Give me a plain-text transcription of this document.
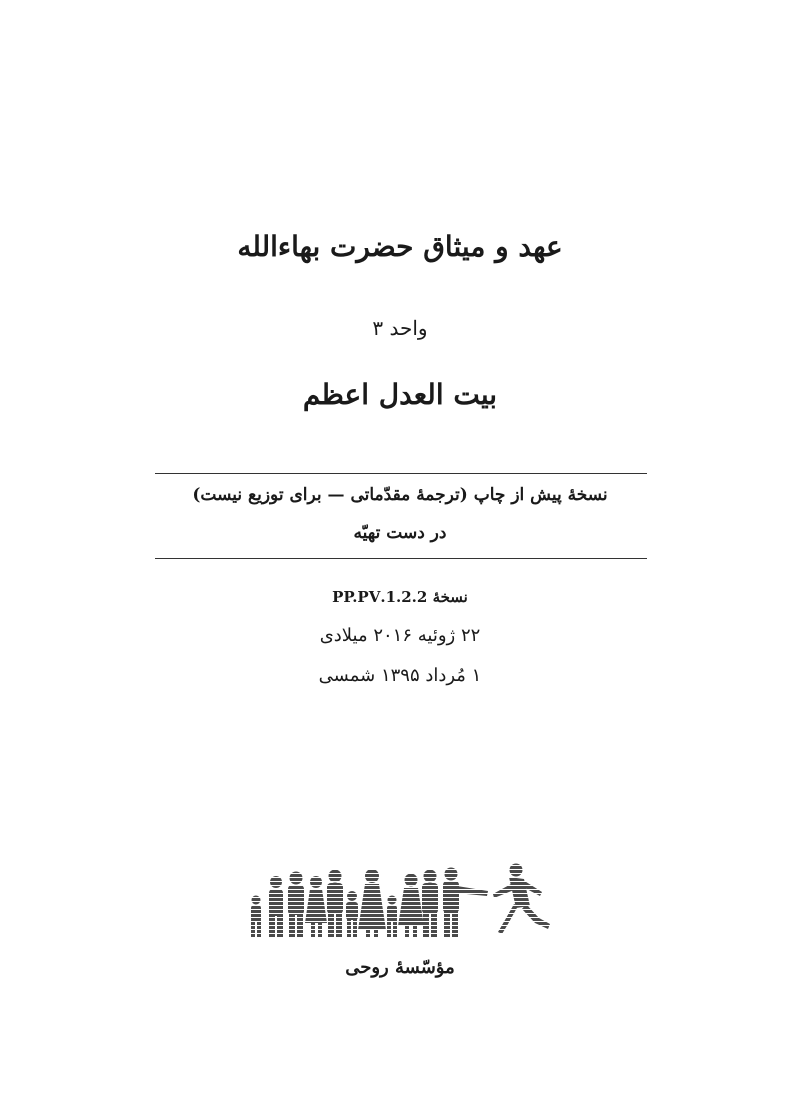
عهد و میثاق حضرت بهاءالله
واحد ۳
بیت العدل اعظم
نسخهٔ پیش از چاپ (ترجمهٔ مقدّماتی — برای توزیع نیست)
در دست تهیّه
نسخهٔ 1.2.2.PP.PV
۲۲ ژوئیه ۲۰۱۶ میلادی
۱ مُرداد ۱۳۹۵ شمسی
مؤسّسهٔ روحی
